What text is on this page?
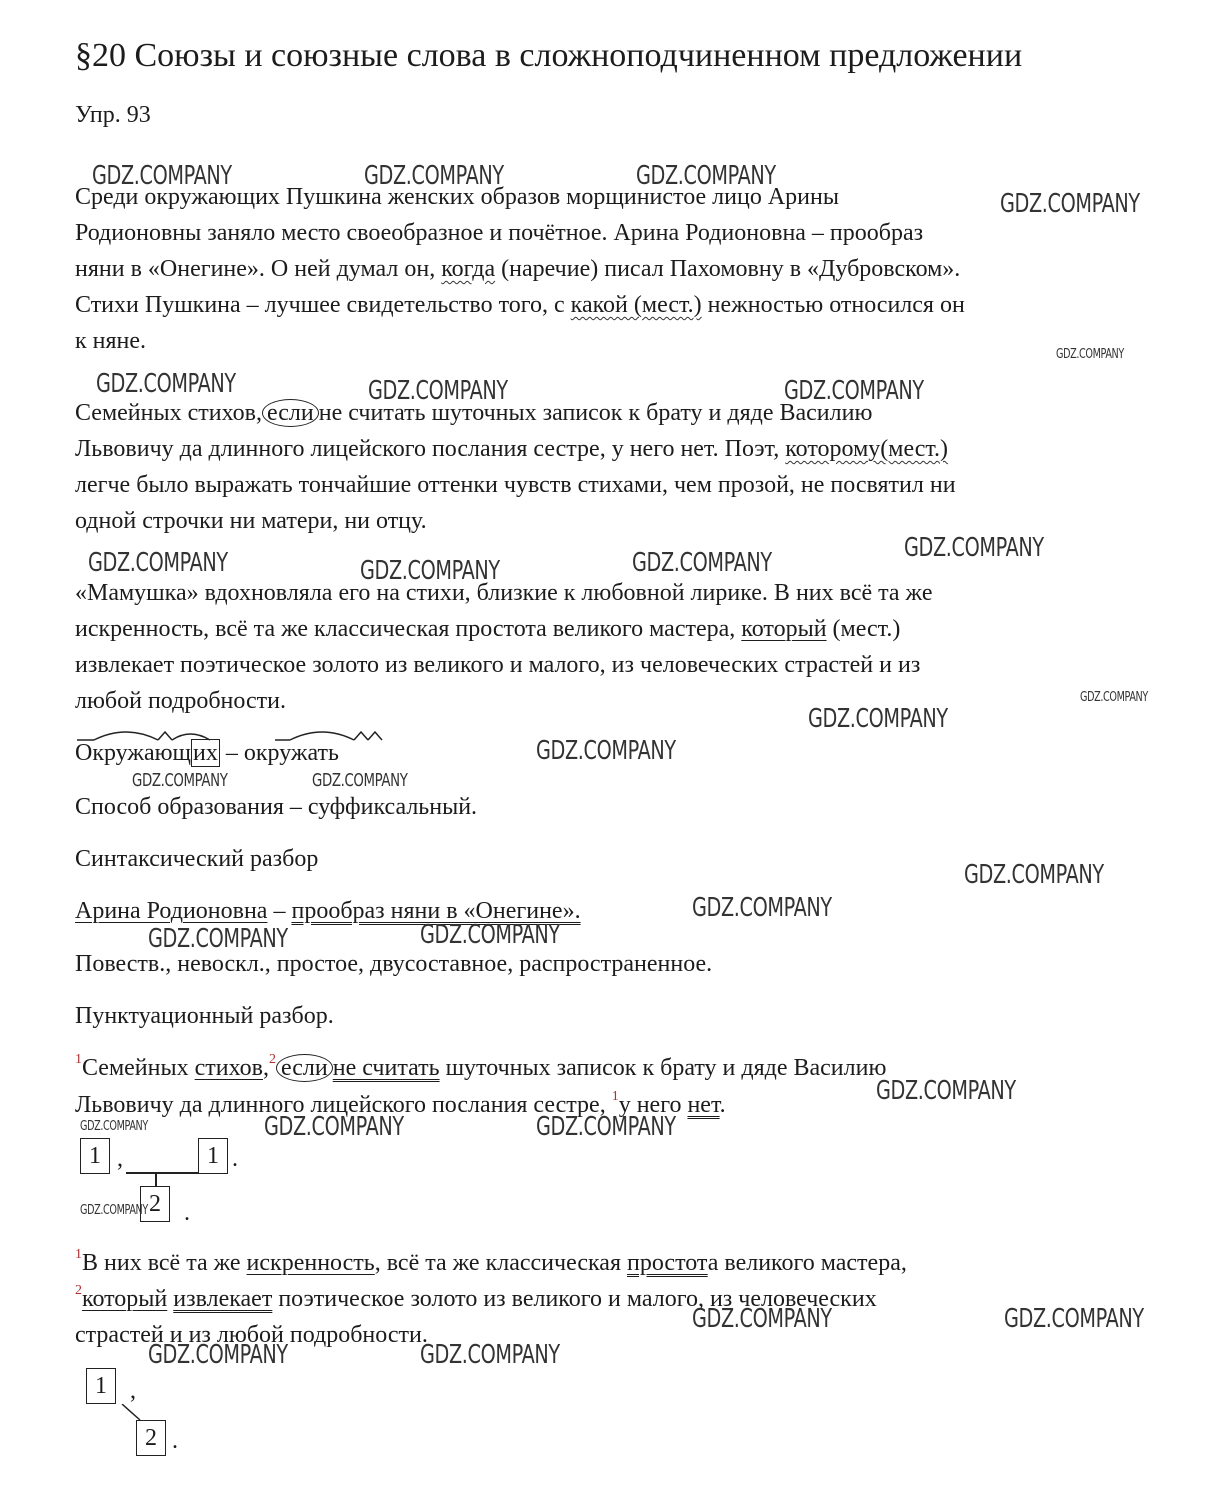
§20 Союзы и союзные слова в сложноподчиненном предложении
Упр. 93
Среди окружающих Пушкина женских образов морщинистое лицо Арины
Родионовны заняло место своеобразное и почётное. Арина Родионовна – прообраз
няни в «Онегине». О ней думал он, когда (наречие) писал Пахомовну в «Дубровском».
Стихи Пушкина – лучшее свидетельство того, с какой (мест.) нежностью относился он
к няне.
Семейных стихов, если не считать шуточных записок к брату и дяде Василию
Львовичу да длинного лицейского послания сестре, у него нет. Поэт, которому(мест.)
легче было выражать тончайшие оттенки чувств стихами, чем прозой, не посвятил ни
одной строчки ни матери, ни отцу.
«Мамушка» вдохновляла его на стихи, близкие к любовной лирике. В них всё та же
искренность, всё та же классическая простота великого мастера, который (мест.)
извлекает поэтическое золото из великого и малого, из человеческих страстей и из
любой подробности.
Окружающих – окружать
Способ образования – суффиксальный.
Синтаксический разбор
Арина Родионовна – прообраз няни в «Онегине».
Повеств., невоскл., простое, двусоставное, распространенное.
Пунктуационный разбор.
$^1$Семейных стихов,$^2$ если не считать шуточных записок к брату и дяде Василию
Львовичу да длинного лицейского послания сестре, $^1$у него нет.
1 ,	1 .
2 .
$^1$В них всё та же искренность, всё та же классическая простота великого мастера,
$^2$который извлекает поэтическое золото из великого и малого, из человеческих
страстей и из любой подробности.
1 ,
2 .
GDZ.COMPANY	GDZ.COMPANY	GDZ.COMPANY
GDZ.COMPANY
GDZ.COMPANY
GDZ.COMPANY	GDZ.COMPANY	GDZ.COMPANY
GDZ.COMPANY	GDZ.COMPANY	GDZ.COMPANY	GDZ.COMPANY
GDZ.COMPANY
GDZ.COMPANY
GDZ.COMPANY
GDZ.COMPANY	GDZ.COMPANY
GDZ.COMPANY
GDZ.COMPANY
GDZ.COMPANY	GDZ.COMPANY
GDZ.COMPANY
GDZ.COMPANY	GDZ.COMPANY	GDZ.COMPANY
GDZ.COMPANY
GDZ.COMPANY	GDZ.COMPANY
GDZ.COMPANY	GDZ.COMPANY
